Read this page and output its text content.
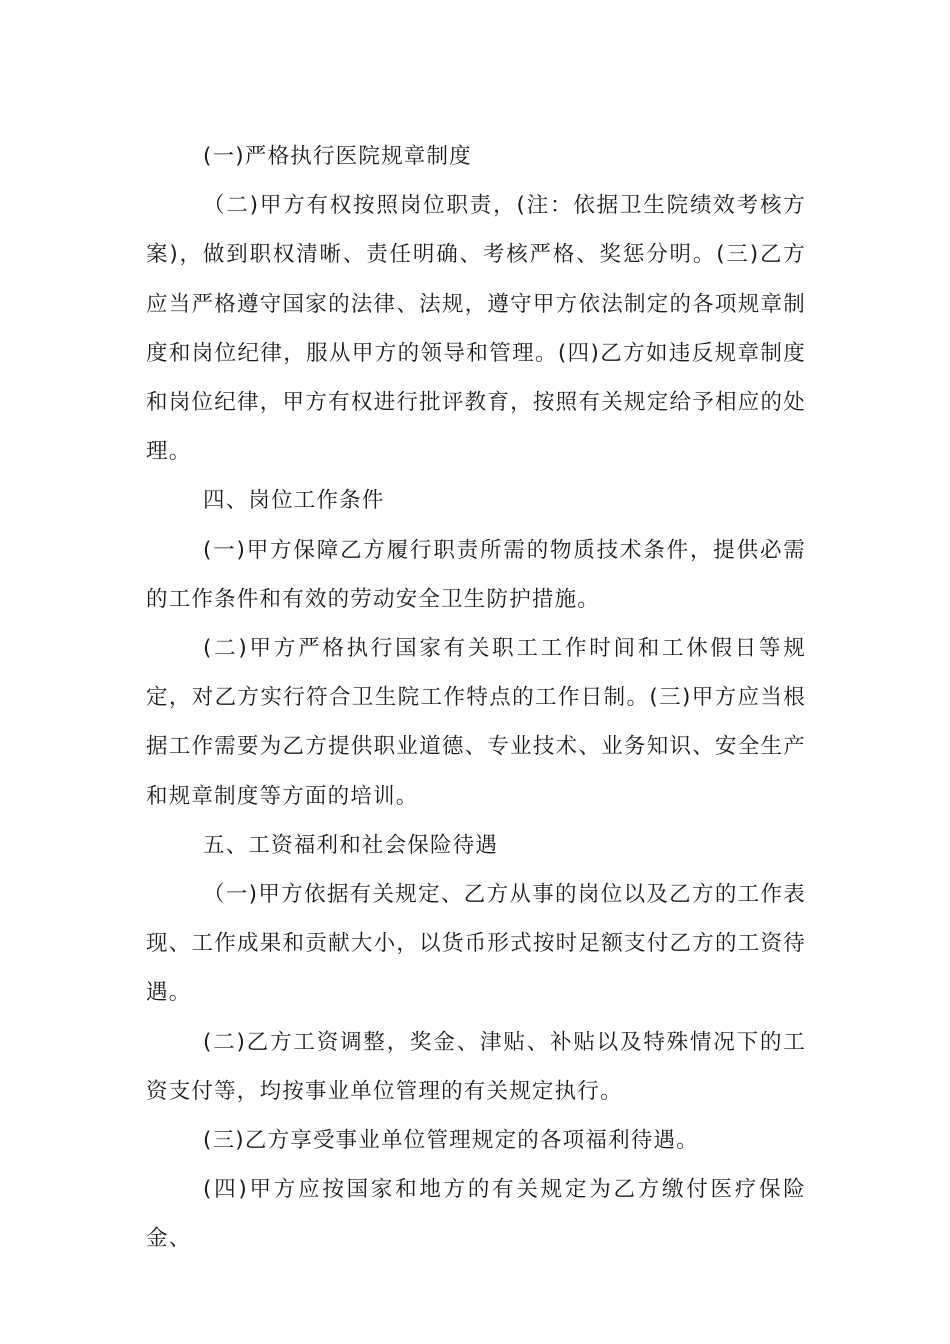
(一)严格执行医院规章制度

（二)甲方有权按照岗位职责，(注：依据卫生院绩效考核方案)，做到职权清晰、责任明确、考核严格、奖惩分明。(三)乙方应当严格遵守国家的法律、法规，遵守甲方依法制定的各项规章制度和岗位纪律，服从甲方的领导和管理。(四)乙方如违反规章制度和岗位纪律，甲方有权进行批评教育，按照有关规定给予相应的处理。

四、岗位工作条件

(一)甲方保障乙方履行职责所需的物质技术条件，提供必需的工作条件和有效的劳动安全卫生防护措施。

(二)甲方严格执行国家有关职工工作时间和工休假日等规定，对乙方实行符合卫生院工作特点的工作日制。(三)甲方应当根据工作需要为乙方提供职业道德、专业技术、业务知识、安全生产和规章制度等方面的培训。

五、工资福利和社会保险待遇

（一)甲方依据有关规定、乙方从事的岗位以及乙方的工作表现、工作成果和贡献大小，以货币形式按时足额支付乙方的工资待遇。

(二)乙方工资调整，奖金、津贴、补贴以及特殊情况下的工资支付等，均按事业单位管理的有关规定执行。

(三)乙方享受事业单位管理规定的各项福利待遇。

(四)甲方应按国家和地方的有关规定为乙方缴付医疗保险金、
